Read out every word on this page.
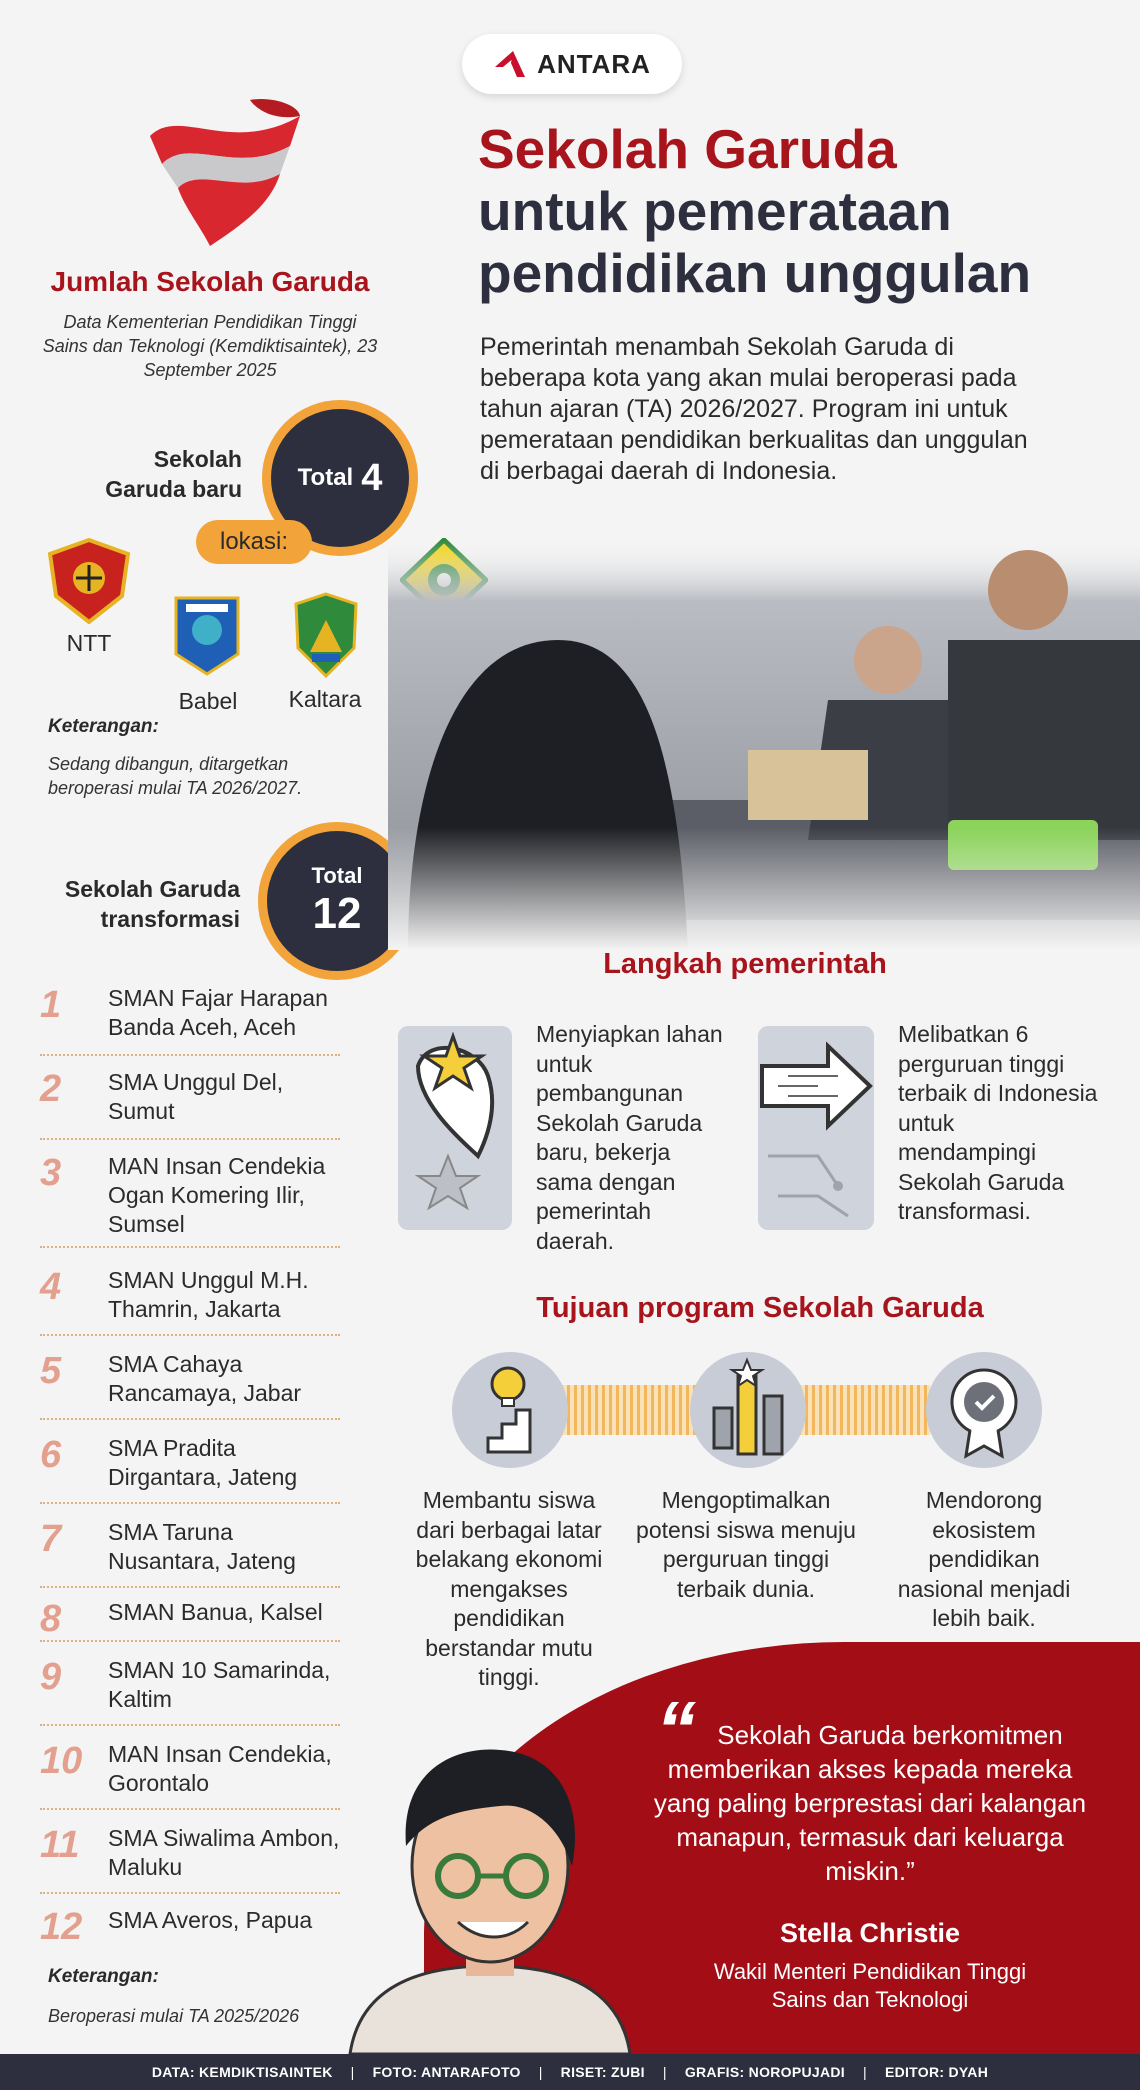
ANTARA
Sekolah Garuda
untuk pemerataan
pendidikan unggulan

Pemerintah menambah Sekolah Garuda di beberapa kota yang akan mulai beroperasi pada tahun ajaran (TA) 2026/2027. Program ini untuk pemerataan pendidikan berkualitas dan unggulan di berbagai daerah di Indonesia.

Jumlah Sekolah Garuda
Data Kementerian Pendidikan Tinggi Sains dan Teknologi (Kemdiktisaintek), 23 September 2025
Sekolah
Garuda baru Total 4
lokasi:
NTT
Babel	Kaltara
Keterangan:
Sedang dibangun, ditargetkan beroperasi mulai TA 2026/2027.
Sekolah Garuda
transformasi
Total
12
1	SMAN Fajar Harapan Banda Aceh, Aceh
2	SMA Unggul Del, Sumut
3	MAN Insan Cendekia Ogan Komering Ilir, Sumsel
4	SMAN Unggul M.H. Thamrin, Jakarta
5	SMA Cahaya Rancamaya, Jabar
6	SMA Pradita Dirgantara, Jateng
7	SMA Taruna Nusantara, Jateng
8	SMAN Banua, Kalsel
9	SMAN 10 Samarinda, Kaltim
10	MAN Insan Cendekia, Gorontalo
11	SMA Siwalima Ambon, Maluku
12	SMA Averos, Papua
Keterangan:
Beroperasi mulai TA 2025/2026
Langkah pemerintah
Menyiapkan lahan untuk pembangunan Sekolah Garuda baru, bekerja sama dengan pemerintah daerah.
Melibatkan 6 perguruan tinggi terbaik di Indonesia untuk mendampingi Sekolah Garuda transformasi.
Tujuan program Sekolah Garuda
Membantu siswa dari berbagai latar belakang ekonomi mengakses pendidikan berstandar mutu tinggi.
Mengoptimalkan potensi siswa menuju perguruan tinggi terbaik dunia.
Mendorong ekosistem pendidikan nasional menjadi lebih baik.
“ Sekolah Garuda berkomitmen memberikan akses kepada mereka yang paling berprestasi dari kalangan manapun, termasuk dari keluarga miskin.”
Stella Christie
Wakil Menteri Pendidikan Tinggi Sains dan Teknologi
DATA: KEMDIKTISAINTEK | FOTO: ANTARAFOTO | RISET: ZUBI | GRAFIS: NOROPUJADI | EDITOR: DYAH
